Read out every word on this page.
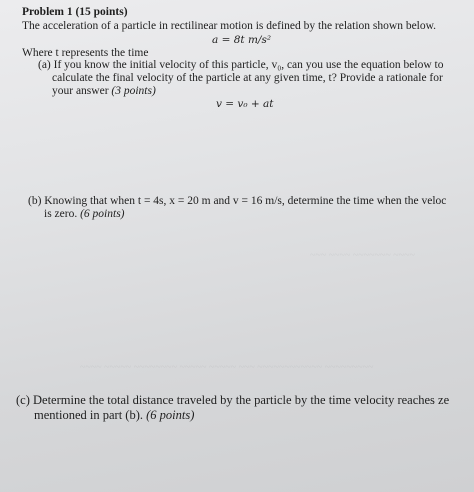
Problem 1 (15 points)
The acceleration of a particle in rectilinear motion is defined by the relation shown below.
a = 8t m/s²
Where t represents the time
(a) If you know the initial velocity of this particle, v₀, can you use the equation below to
calculate the final velocity of the particle at any given time, t? Provide a rationale for
your answer (3 points)
v = v₀ + at
~~~ ~~~~ ~~~~~~~ ~~~~
~~~~ ~~~~~ ~~~~~~~~ ~~~~~ ~~~~~ ~~~ ~~~~~~~~~~~~ ~~~~~~~~~
(b) Knowing that when t = 4s, x = 20 m and v = 16 m/s, determine the time when the veloc
is zero. (6 points)
(c) Determine the total distance traveled by the particle by the time velocity reaches ze
mentioned in part (b). (6 points)
